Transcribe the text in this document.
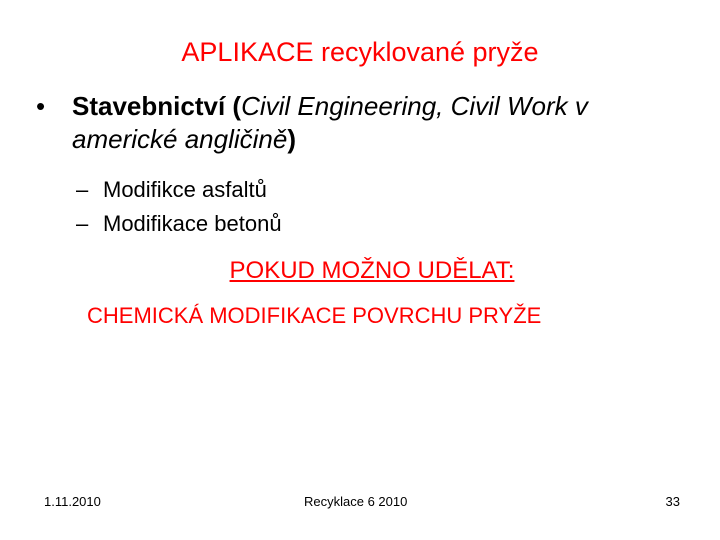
APLIKACE recyklované pryže
•	Stavebnictví (Civil Engineering, Civil Work v americké angličině)
– Modifikce asfaltů
– Modifikace betonů
POKUD MOŽNO UDĚLAT:
CHEMICKÁ MODIFIKACE POVRCHU PRYŽE
1.11.2010	Recyklace 6 2010	33
